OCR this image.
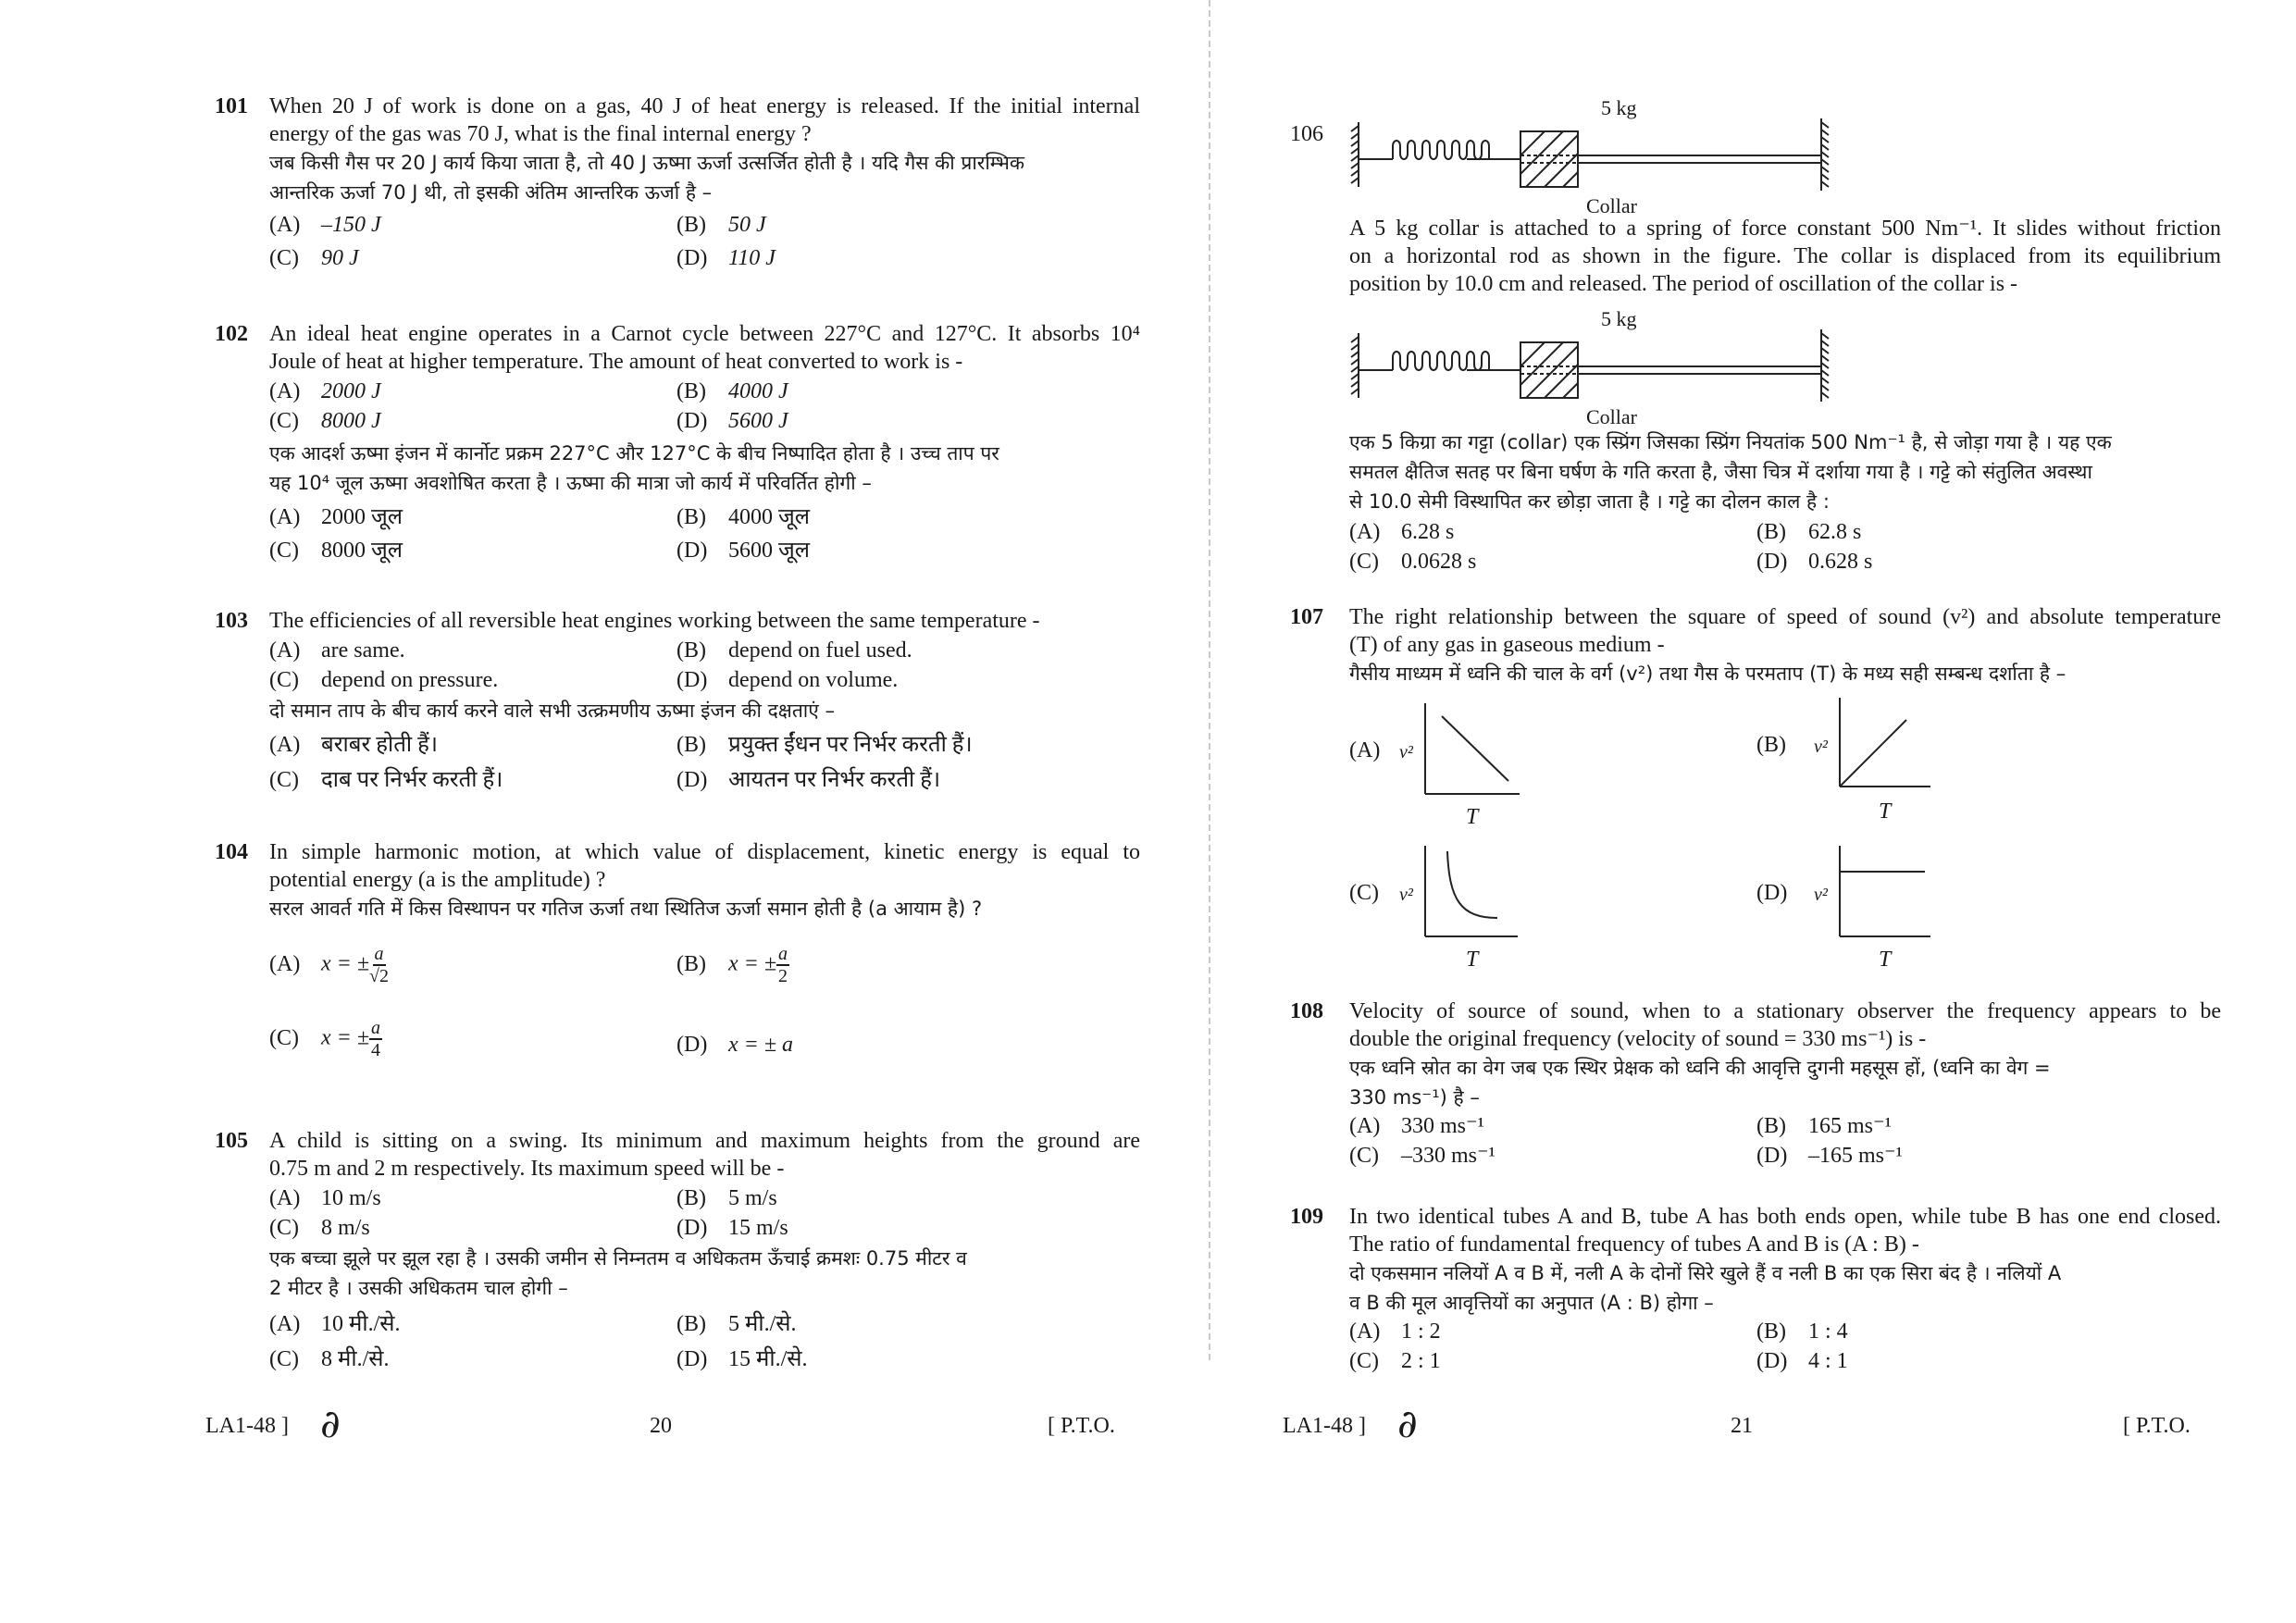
101 When 20 J of work is done on a gas, 40 J of heat energy is released. If the initial internal
energy of the gas was 70 J, what is the final internal energy ?
जब किसी गैस पर 20 J कार्य किया जाता है, तो 40 J ऊष्मा ऊर्जा उत्सर्जित होती है । यदि गैस की प्रारम्भिक
आन्तरिक ऊर्जा 70 J थी, तो इसकी अंतिम आन्तरिक ऊर्जा है –
(A) –150 J	(B) 50 J
(C) 90 J	(D) 110 J
102 An ideal heat engine operates in a Carnot cycle between 227°C and 127°C. It absorbs 10⁴
Joule of heat at higher temperature. The amount of heat converted to work is -
(A) 2000 J	(B) 4000 J
(C) 8000 J	(D) 5600 J
एक आदर्श ऊष्मा इंजन में कार्नोट प्रक्रम 227°C और 127°C के बीच निष्पादित होता है । उच्च ताप पर
यह 10⁴ जूल ऊष्मा अवशोषित करता है । ऊष्मा की मात्रा जो कार्य में परिवर्तित होगी –
(A) 2000 जूल	(B) 4000 जूल
(C) 8000 जूल	(D) 5600 जूल
103 The efficiencies of all reversible heat engines working between the same temperature -
(A) are same.	(B) depend on fuel used.
(C) depend on pressure.	(D) depend on volume.
दो समान ताप के बीच कार्य करने वाले सभी उत्क्रमणीय ऊष्मा इंजन की दक्षताएं –
(A) बराबर होती हैं।	(B) प्रयुक्त ईंधन पर निर्भर करती हैं।
(C) दाब पर निर्भर करती हैं।	(D) आयतन पर निर्भर करती हैं।
104 In simple harmonic motion, at which value of displacement, kinetic energy is equal to
potential energy (a is the amplitude) ?
सरल आवर्त गति में किस विस्थापन पर गतिज ऊर्जा तथा स्थितिज ऊर्जा समान होती है (a आयाम है) ?
(A) x = ± $\frac{a}{√2}$	(B) x = ± $\frac{a}{2}$
(C) x = ± $\frac{a}{4}$	(D) x = ± a
105 A child is sitting on a swing. Its minimum and maximum heights from the ground are
0.75 m and 2 m respectively. Its maximum speed will be -
(A) 10 m/s	(B) 5 m/s
(C) 8 m/s	(D) 15 m/s
एक बच्चा झूले पर झूल रहा है । उसकी जमीन से निम्नतम व अधिकतम ऊँचाई क्रमशः 0.75 मीटर व
2 मीटर है । उसकी अधिकतम चाल होगी –
(A) 10 मी./से.	(B) 5 मी./से.
(C) 8 मी./से.	(D) 15 मी./से.
LA1-48 ] ∂	20	[ P.T.O.
106
5 kg
Collar
A 5 kg collar is attached to a spring of force constant 500 Nm⁻¹. It slides without friction
on a horizontal rod as shown in the figure. The collar is displaced from its equilibrium
position by 10.0 cm and released. The period of oscillation of the collar is -
5 kg
Collar
एक 5 किग्रा का गट्टा (collar) एक स्प्रिंग जिसका स्प्रिंग नियतांक 500 Nm⁻¹ है, से जोड़ा गया है । यह एक
समतल क्षैतिज सतह पर बिना घर्षण के गति करता है, जैसा चित्र में दर्शाया गया है । गट्टे को संतुलित अवस्था
से 10.0 सेमी विस्थापित कर छोड़ा जाता है । गट्टे का दोलन काल है :
(A) 6.28 s	(B) 62.8 s
(C) 0.0628 s	(D) 0.628 s
107 The right relationship between the square of speed of sound (v²) and absolute temperature
(T) of any gas in gaseous medium -
गैसीय माध्यम में ध्वनि की चाल के वर्ग (v²) तथा गैस के परमताप (T) के मध्य सही सम्बन्ध दर्शाता है –
(A) v²
T
(B) v²
T
(C) v²
T
(D) v²
T
108 Velocity of source of sound, when to a stationary observer the frequency appears to be
double the original frequency (velocity of sound = 330 ms⁻¹) is -
एक ध्वनि स्रोत का वेग जब एक स्थिर प्रेक्षक को ध्वनि की आवृत्ति दुगनी महसूस हों, (ध्वनि का वेग =
330 ms⁻¹) है –
(A) 330 ms⁻¹	(B) 165 ms⁻¹
(C) –330 ms⁻¹	(D) –165 ms⁻¹
109 In two identical tubes A and B, tube A has both ends open, while tube B has one end closed.
The ratio of fundamental frequency of tubes A and B is (A : B) -
दो एकसमान नलियों A व B में, नली A के दोनों सिरे खुले हैं व नली B का एक सिरा बंद है । नलियों A
व B की मूल आवृत्तियों का अनुपात (A : B) होगा –
(A) 1 : 2	(B) 1 : 4
(C) 2 : 1	(D) 4 : 1
LA1-48 ] ∂	21	[ P.T.O.
